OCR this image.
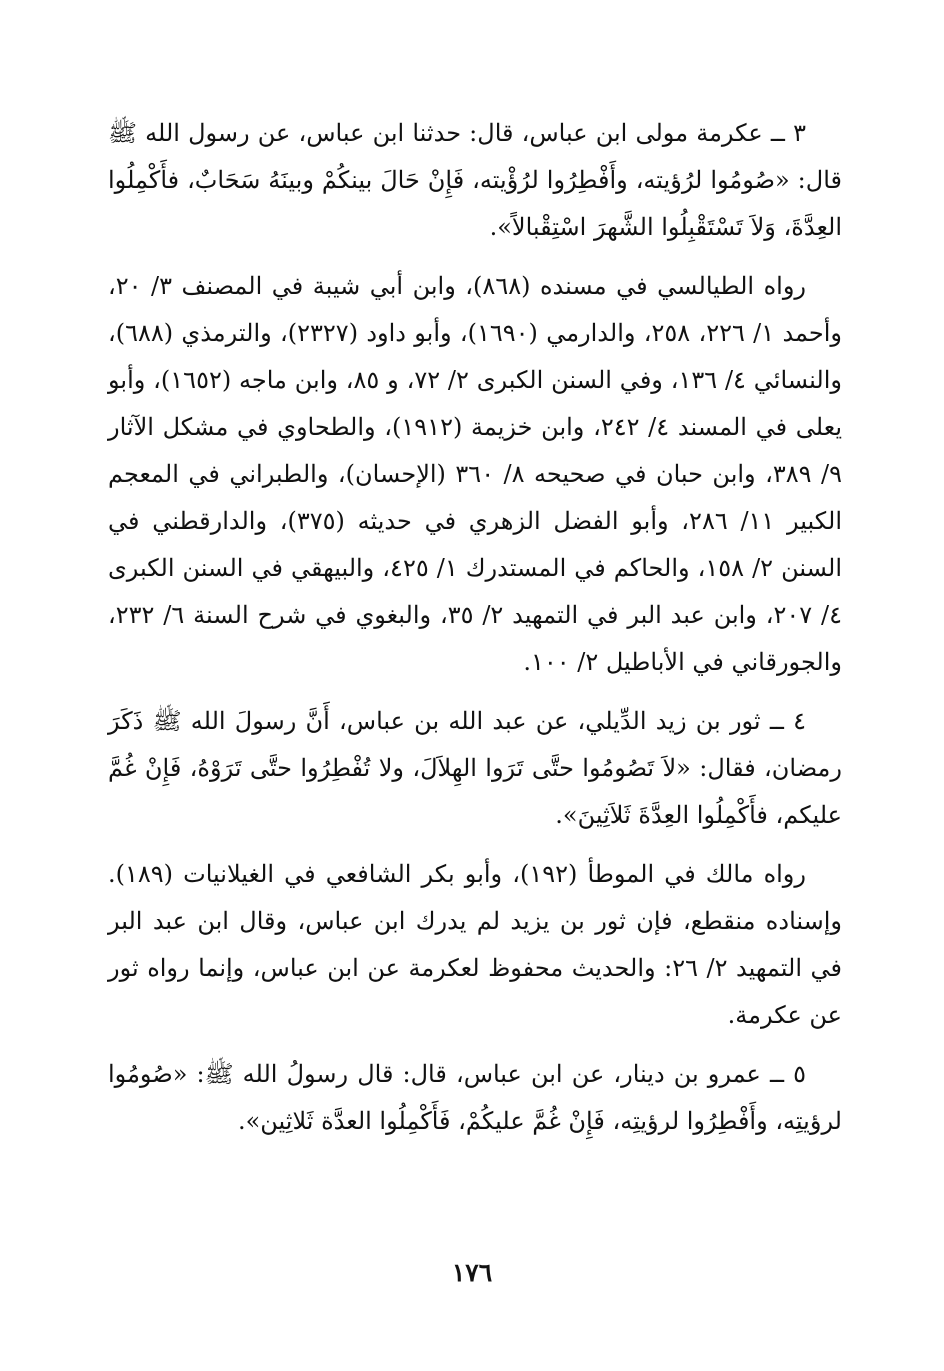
٣ ــ عكرمة مولى ابن عباس، قال: حدثنا ابن عباس، عن رسول الله ﷺ قال: «صُومُوا لرُؤيته، وأَفْطِرُوا لرُؤْيته، فَإِنْ حَالَ بينكُمْ وبينَهُ سَحَابٌ، فأَكْمِلُوا العِدَّةَ، وَلاَ تَسْتَقْبِلُوا الشَّهرَ اسْتِقْبالاً».

رواه الطيالسي في مسنده (٨٦٨)، وابن أبي شيبة في المصنف ٣/ ٢٠، وأحمد ١/ ٢٢٦، ٢٥٨، والدارمي (١٦٩٠)، وأبو داود (٢٣٢٧)، والترمذي (٦٨٨)، والنسائي ٤/ ١٣٦، وفي السنن الكبرى ٢/ ٧٢، و ٨٥، وابن ماجه (١٦٥٢)، وأبو يعلى في المسند ٤/ ٢٤٢، وابن خزيمة (١٩١٢)، والطحاوي في مشكل الآثار ٩/ ٣٨٩، وابن حبان في صحيحه ٨/ ٣٦٠ (الإحسان)، والطبراني في المعجم الكبير ١١/ ٢٨٦، وأبو الفضل الزهري في حديثه (٣٧٥)، والدارقطني في السنن ٢/ ١٥٨، والحاكم في المستدرك ١/ ٤٢٥، والبيهقي في السنن الكبرى ٤/ ٢٠٧، وابن عبد البر في التمهيد ٢/ ٣٥، والبغوي في شرح السنة ٦/ ٢٣٢، والجورقاني في الأباطيل ٢/ ١٠٠.

٤ ــ ثور بن زيد الدِّيلي، عن عبد الله بن عباس، أَنَّ رسولَ الله ﷺ ذَكَرَ رمضان، فقال: «لاَ تَصُومُوا حتَّى تَرَوا الهِلاَلَ، ولا تُفْطِرُوا حتَّى تَرَوْهُ، فَإِنْ غُمَّ عليكم، فأَكْمِلُوا العِدَّةَ ثَلاَثِينَ».

رواه مالك في الموطأ (١٩٢)، وأبو بكر الشافعي في الغيلانيات (١٨٩). وإسناده منقطع، فإن ثور بن يزيد لم يدرك ابن عباس، وقال ابن عبد البر في التمهيد ٢/ ٢٦: والحديث محفوظ لعكرمة عن ابن عباس، وإنما رواه ثور عن عكرمة.

٥ ــ عمرو بن دينار، عن ابن عباس، قال: قال رسولُ الله ﷺ: «صُومُوا لرؤيتِه، وأَفْطِرُوا لرؤيتِه، فَإِنْ غُمَّ عليكُمْ، فَأَكْمِلُوا العدَّة ثَلاثِين».

١٧٦
